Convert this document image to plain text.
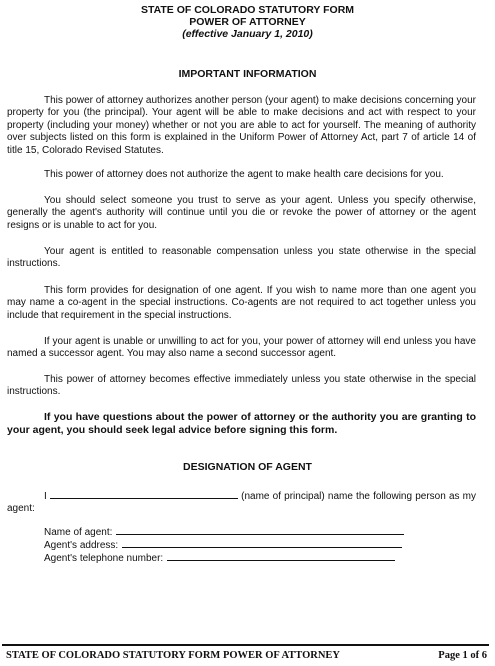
STATE OF COLORADO STATUTORY FORM
POWER OF ATTORNEY
(effective January 1, 2010)
IMPORTANT INFORMATION

This power of attorney authorizes another person (your agent) to make decisions concerning your property for you (the principal). Your agent will be able to make decisions and act with respect to your property (including your money) whether or not you are able to act for yourself. The meaning of authority over subjects listed on this form is explained in the Uniform Power of Attorney Act, part 7 of article 14 of title 15, Colorado Revised Statutes.

This power of attorney does not authorize the agent to make health care decisions for you.

You should select someone you trust to serve as your agent. Unless you specify otherwise, generally the agent's authority will continue until you die or revoke the power of attorney or the agent resigns or is unable to act for you.

Your agent is entitled to reasonable compensation unless you state otherwise in the special instructions.

This form provides for designation of one agent. If you wish to name more than one agent you may name a co-agent in the special instructions. Co-agents are not required to act together unless you include that requirement in the special instructions.

If your agent is unable or unwilling to act for you, your power of attorney will end unless you have named a successor agent. You may also name a second successor agent.

This power of attorney becomes effective immediately unless you state otherwise in the special instructions.

If you have questions about the power of attorney or the authority you are granting to your agent, you should seek legal advice before signing this form.

DESIGNATION OF AGENT

I	(name of principal) name the following person as my agent:

Name of agent:
Agent's address:
Agent's telephone number:
STATE OF COLORADO STATUTORY FORM POWER OF ATTORNEY	Page 1 of 6
